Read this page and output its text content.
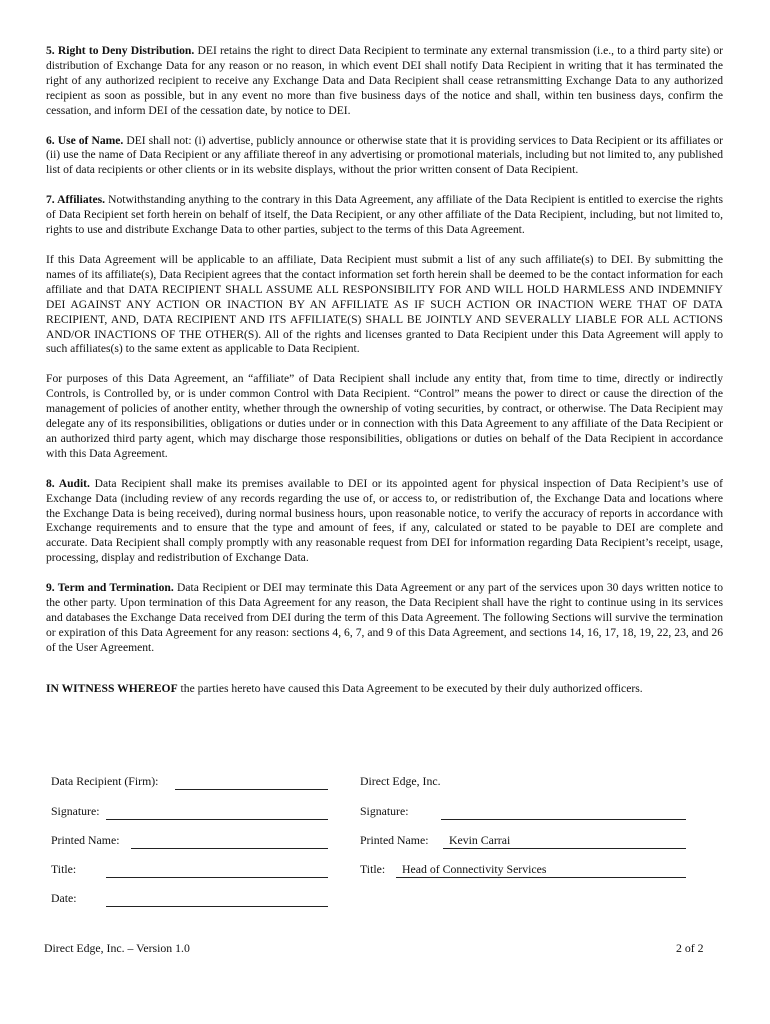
5. Right to Deny Distribution. DEI retains the right to direct Data Recipient to terminate any external transmission (i.e., to a third party site) or distribution of Exchange Data for any reason or no reason, in which event DEI shall notify Data Recipient in writing that it has terminated the right of any authorized recipient to receive any Exchange Data and Data Recipient shall cease retransmitting Exchange Data to any authorized recipient as soon as possible, but in any event no more than five business days of the notice and shall, within ten business days, confirm the cessation, and inform DEI of the cessation date, by notice to DEI.

6. Use of Name. DEI shall not: (i) advertise, publicly announce or otherwise state that it is providing services to Data Recipient or its affiliates or (ii) use the name of Data Recipient or any affiliate thereof in any advertising or promotional materials, including but not limited to, any published list of data recipients or other clients or in its website displays, without the prior written consent of Data Recipient.

7. Affiliates. Notwithstanding anything to the contrary in this Data Agreement, any affiliate of the Data Recipient is entitled to exercise the rights of Data Recipient set forth herein on behalf of itself, the Data Recipient, or any other affiliate of the Data Recipient, including, but not limited to, rights to use and distribute Exchange Data to other parties, subject to the terms of this Data Agreement.

If this Data Agreement will be applicable to an affiliate, Data Recipient must submit a list of any such affiliate(s) to DEI. By submitting the names of its affiliate(s), Data Recipient agrees that the contact information set forth herein shall be deemed to be the contact information for each affiliate and that DATA RECIPIENT SHALL ASSUME ALL RESPONSIBILITY FOR AND WILL HOLD HARMLESS AND INDEMNIFY DEI AGAINST ANY ACTION OR INACTION BY AN AFFILIATE AS IF SUCH ACTION OR INACTION WERE THAT OF DATA RECIPIENT, AND, DATA RECIPIENT AND ITS AFFILIATE(S) SHALL BE JOINTLY AND SEVERALLY LIABLE FOR ALL ACTIONS AND/OR INACTIONS OF THE OTHER(S). All of the rights and licenses granted to Data Recipient under this Data Agreement will apply to such affiliates(s) to the same extent as applicable to Data Recipient.

For purposes of this Data Agreement, an “affiliate” of Data Recipient shall include any entity that, from time to time, directly or indirectly Controls, is Controlled by, or is under common Control with Data Recipient. “Control” means the power to direct or cause the direction of the management of policies of another entity, whether through the ownership of voting securities, by contract, or otherwise. The Data Recipient may delegate any of its responsibilities, obligations or duties under or in connection with this Data Agreement to any affiliate of the Data Recipient or an authorized third party agent, which may discharge those responsibilities, obligations or duties on behalf of the Data Recipient in accordance with this Data Agreement.

8. Audit. Data Recipient shall make its premises available to DEI or its appointed agent for physical inspection of Data Recipient’s use of Exchange Data (including review of any records regarding the use of, or access to, or redistribution of, the Exchange Data and locations where the Exchange Data is being received), during normal business hours, upon reasonable notice, to verify the accuracy of reports in accordance with Exchange requirements and to ensure that the type and amount of fees, if any, calculated or stated to be payable to DEI are complete and accurate. Data Recipient shall comply promptly with any reasonable request from DEI for information regarding Data Recipient’s receipt, usage, processing, display and redistribution of Exchange Data.

9. Term and Termination. Data Recipient or DEI may terminate this Data Agreement or any part of the services upon 30 days written notice to the other party. Upon termination of this Data Agreement for any reason, the Data Recipient shall have the right to continue using in its services and databases the Exchange Data received from DEI during the term of this Data Agreement. The following Sections will survive the termination or expiration of this Data Agreement for any reason: sections 4, 6, 7, and 9 of this Data Agreement, and sections 14, 16, 17, 18, 19, 22, 23, and 26 of the User Agreement.

IN WITNESS WHEREOF the parties hereto have caused this Data Agreement to be executed by their duly authorized officers.

Data Recipient (Firm):	Direct Edge, Inc.
Signature:	Signature:
Printed Name:	Printed Name: Kevin Carrai
Title:	Title: Head of Connectivity Services
Date:
Direct Edge, Inc. – Version 1.0	2 of 2
